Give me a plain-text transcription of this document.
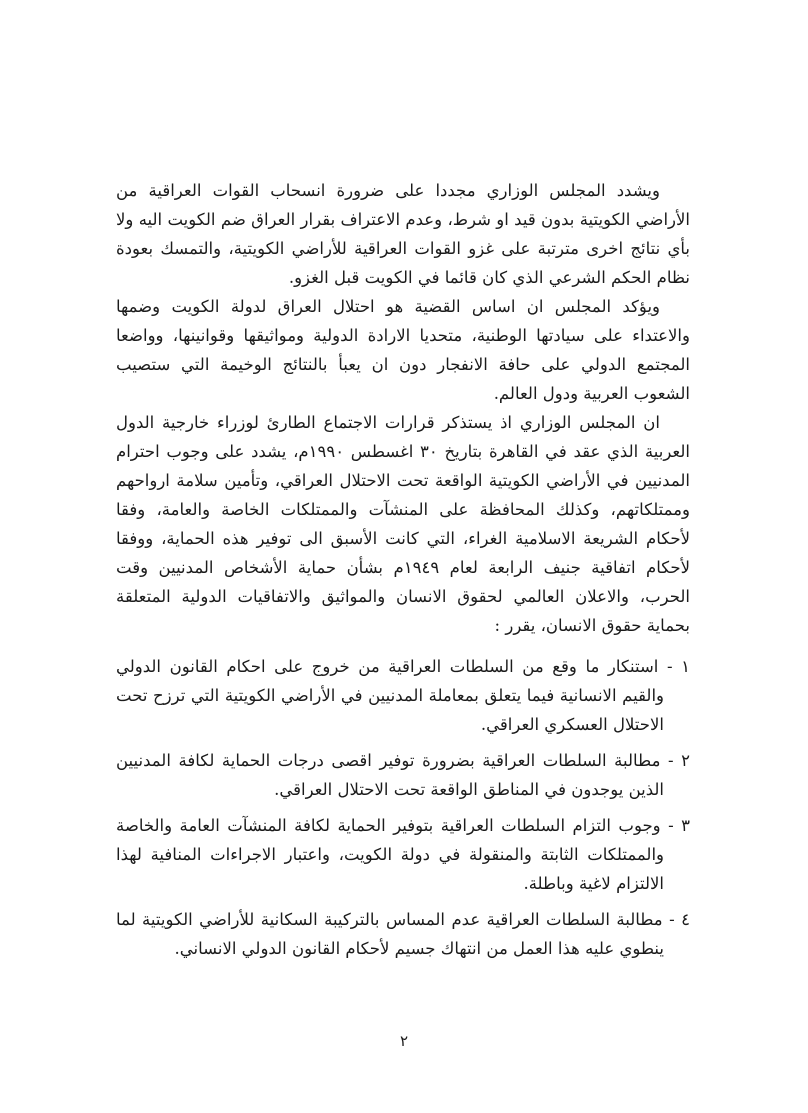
ويشدد المجلس الوزاري مجددا على ضرورة انسحاب القوات العراقية من الأراضي الكويتية بدون قيد او شرط، وعدم الاعتراف بقرار العراق ضم الكويت اليه ولا بأي نتائج اخرى مترتبة على غزو القوات العراقية للأراضي الكويتية، والتمسك بعودة نظام الحكم الشرعي الذي كان قائما في الكويت قبل الغزو.

ويؤكد المجلس ان اساس القضية هو احتلال العراق لدولة الكويت وضمها والاعتداء على سيادتها الوطنية، متحديا الارادة الدولية ومواثيقها وقوانينها، وواضعا المجتمع الدولي على حافة الانفجار دون ان يعبأ بالنتائج الوخيمة التي ستصيب الشعوب العربية ودول العالم.

ان المجلس الوزاري اذ يستذكر قرارات الاجتماع الطارئ لوزراء خارجية الدول العربية الذي عقد في القاهرة بتاريخ ٣٠ اغسطس ١٩٩٠م، يشدد على وجوب احترام المدنيين في الأراضي الكويتية الواقعة تحت الاحتلال العراقي، وتأمين سلامة ارواحهم وممتلكاتهم، وكذلك المحافظة على المنشآت والممتلكات الخاصة والعامة، وفقا لأحكام الشريعة الاسلامية الغراء، التي كانت الأسبق الى توفير هذه الحماية، ووفقا لأحكام اتفاقية جنيف الرابعة لعام ١٩٤٩م بشأن حماية الأشخاص المدنيين وقت الحرب، والاعلان العالمي لحقوق الانسان والمواثيق والاتفاقيات الدولية المتعلقة بحماية حقوق الانسان، يقرر :

١ - استنكار ما وقع من السلطات العراقية من خروج على احكام القانون الدولي والقيم الانسانية فيما يتعلق بمعاملة المدنيين في الأراضي الكويتية التي ترزح تحت الاحتلال العسكري العراقي.
٢ - مطالبة السلطات العراقية بضرورة توفير اقصى درجات الحماية لكافة المدنيين الذين يوجدون في المناطق الواقعة تحت الاحتلال العراقي.
٣ - وجوب التزام السلطات العراقية بتوفير الحماية لكافة المنشآت العامة والخاصة والممتلكات الثابتة والمنقولة في دولة الكويت، واعتبار الاجراءات المنافية لهذا الالتزام لاغية وباطلة.
٤ - مطالبة السلطات العراقية عدم المساس بالتركيبة السكانية للأراضي الكويتية لما ينطوي عليه هذا العمل من انتهاك جسيم لأحكام القانون الدولي الانساني.
٢
